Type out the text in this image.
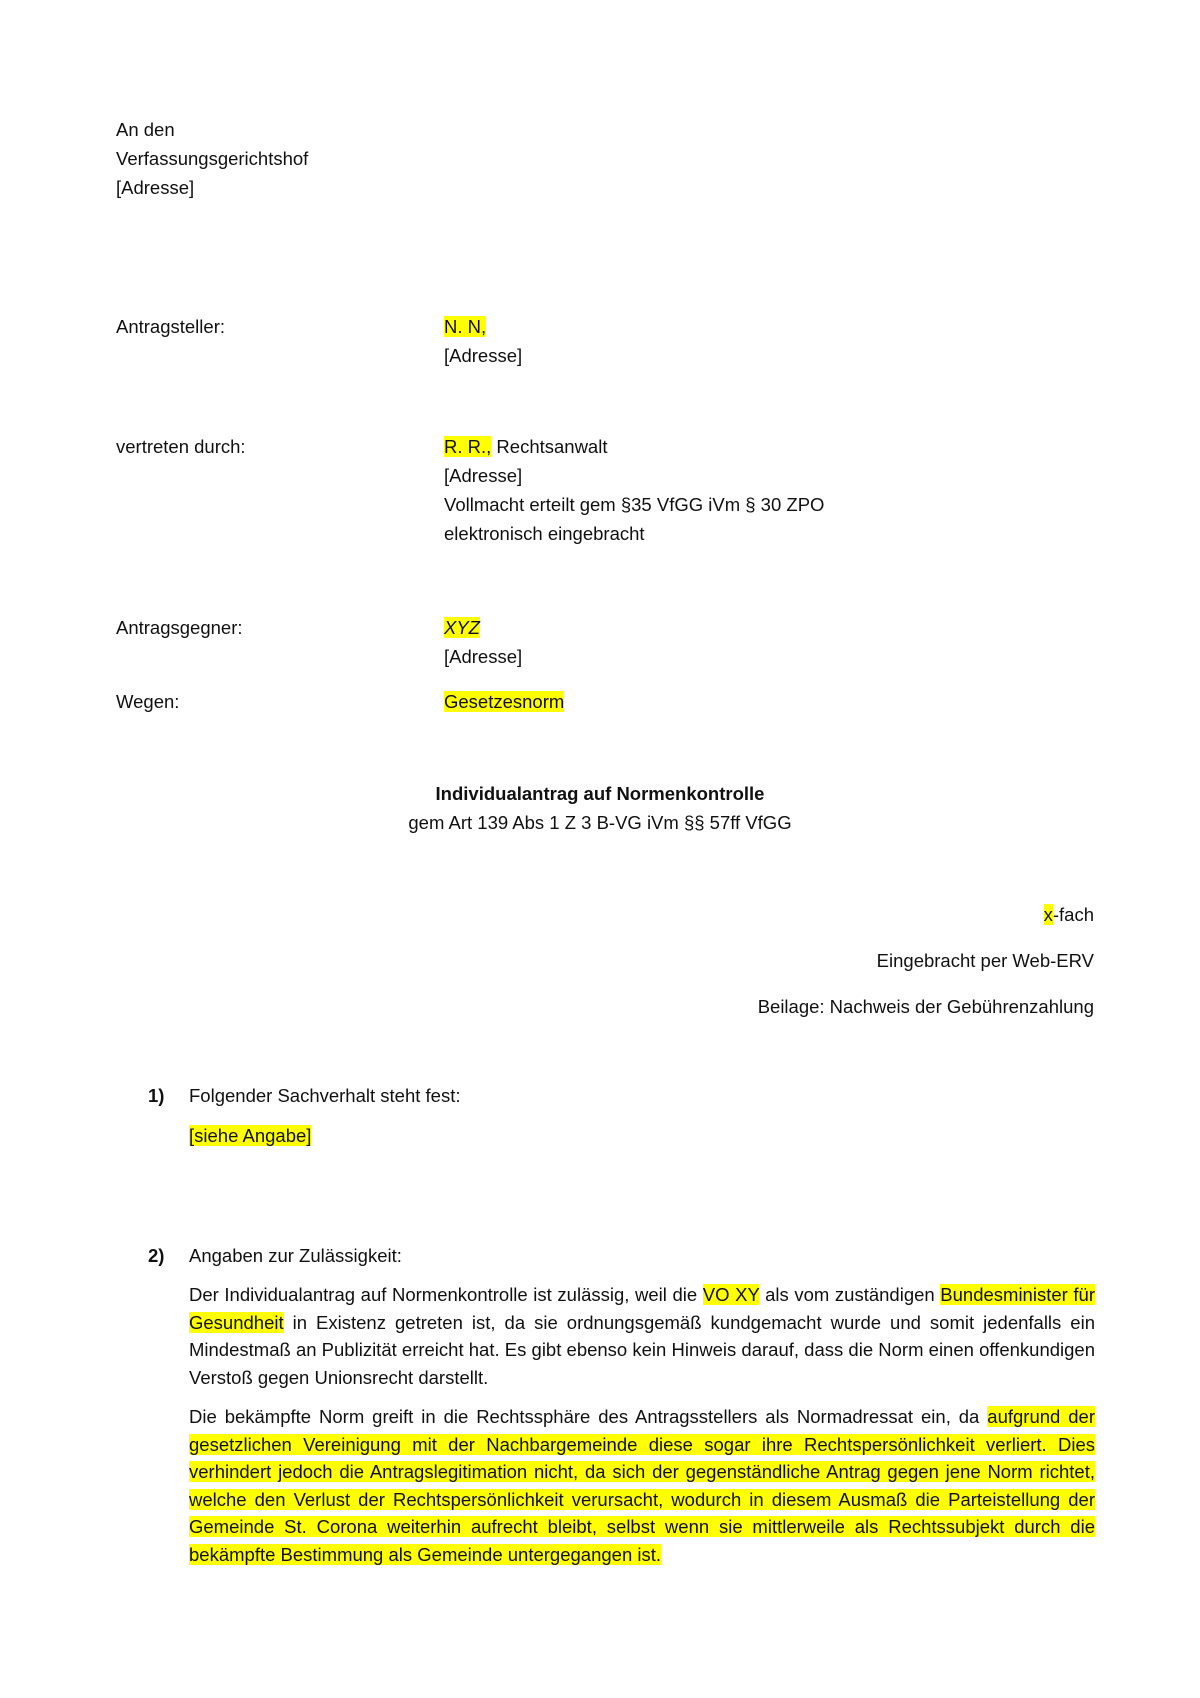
An den
Verfassungsgerichtshof
[Adresse]
Antragsteller:	N. N,
[Adresse]
vertreten durch:	R. R., Rechtsanwalt
[Adresse]
Vollmacht erteilt gem §35 VfGG iVm § 30 ZPO
elektronisch eingebracht
Antragsgegner:	XYZ
[Adresse]
Wegen:	Gesetzesnorm
Individualantrag auf Normenkontrolle
gem Art 139 Abs 1 Z 3 B-VG iVm §§ 57ff VfGG
x-fach
Eingebracht per Web-ERV
Beilage: Nachweis der Gebührenzahlung
1) Folgender Sachverhalt steht fest:
[siehe Angabe]
2) Angaben zur Zulässigkeit:
Der Individualantrag auf Normenkontrolle ist zulässig, weil die VO XY als vom zuständigen Bundesminister für Gesundheit in Existenz getreten ist, da sie ordnungsgemäß kundgemacht wurde und somit jedenfalls ein Mindestmaß an Publizität erreicht hat. Es gibt ebenso kein Hinweis darauf, dass die Norm einen offenkundigen Verstoß gegen Unionsrecht darstellt.
Die bekämpfte Norm greift in die Rechtssphäre des Antragsstellers als Normadressat ein, da aufgrund der gesetzlichen Vereinigung mit der Nachbargemeinde diese sogar ihre Rechtspersönlichkeit verliert. Dies verhindert jedoch die Antragslegitimation nicht, da sich der gegenständliche Antrag gegen jene Norm richtet, welche den Verlust der Rechtspersönlichkeit verursacht, wodurch in diesem Ausmaß die Parteistellung der Gemeinde St. Corona weiterhin aufrecht bleibt, selbst wenn sie mittlerweile als Rechtssubjekt durch die bekämpfte Bestimmung als Gemeinde untergegangen ist.
